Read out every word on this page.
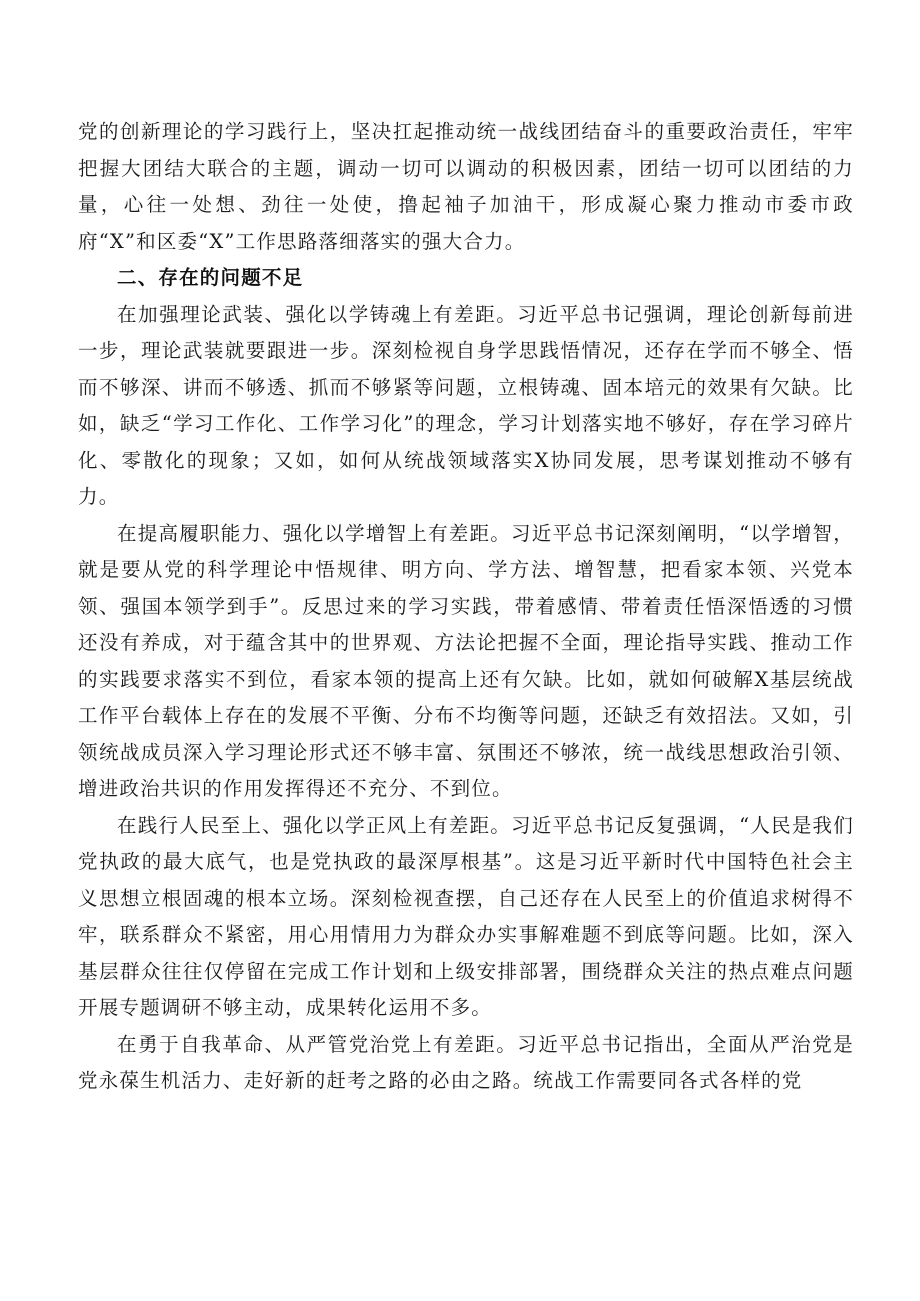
党的创新理论的学习践行上，坚决扛起推动统一战线团结奋斗的重要政治责任，牢牢把握大团结大联合的主题，调动一切可以调动的积极因素，团结一切可以团结的力量，心往一处想、劲往一处使，撸起袖子加油干，形成凝心聚力推动市委市政府“X”和区委“X”工作思路落细落实的强大合力。

二、存在的问题不足

在加强理论武装、强化以学铸魂上有差距。习近平总书记强调，理论创新每前进一步，理论武装就要跟进一步。深刻检视自身学思践悟情况，还存在学而不够全、悟而不够深、讲而不够透、抓而不够紧等问题，立根铸魂、固本培元的效果有欠缺。比如，缺乏“学习工作化、工作学习化”的理念，学习计划落实地不够好，存在学习碎片化、零散化的现象；又如，如何从统战领域落实X协同发展，思考谋划推动不够有力。

在提高履职能力、强化以学增智上有差距。习近平总书记深刻阐明，“以学增智，就是要从党的科学理论中悟规律、明方向、学方法、增智慧，把看家本领、兴党本领、强国本领学到手”。反思过来的学习实践，带着感情、带着责任悟深悟透的习惯还没有养成，对于蕴含其中的世界观、方法论把握不全面，理论指导实践、推动工作的实践要求落实不到位，看家本领的提高上还有欠缺。比如，就如何破解X基层统战工作平台载体上存在的发展不平衡、分布不均衡等问题，还缺乏有效招法。又如，引领统战成员深入学习理论形式还不够丰富、氛围还不够浓，统一战线思想政治引领、增进政治共识的作用发挥得还不充分、不到位。

在践行人民至上、强化以学正风上有差距。习近平总书记反复强调，“人民是我们党执政的最大底气，也是党执政的最深厚根基”。这是习近平新时代中国特色社会主义思想立根固魂的根本立场。深刻检视查摆，自己还存在人民至上的价值追求树得不牢，联系群众不紧密，用心用情用力为群众办实事解难题不到底等问题。比如，深入基层群众往往仅停留在完成工作计划和上级安排部署，围绕群众关注的热点难点问题开展专题调研不够主动，成果转化运用不多。

在勇于自我革命、从严管党治党上有差距。习近平总书记指出，全面从严治党是党永葆生机活力、走好新的赶考之路的必由之路。统战工作需要同各式各样的党
